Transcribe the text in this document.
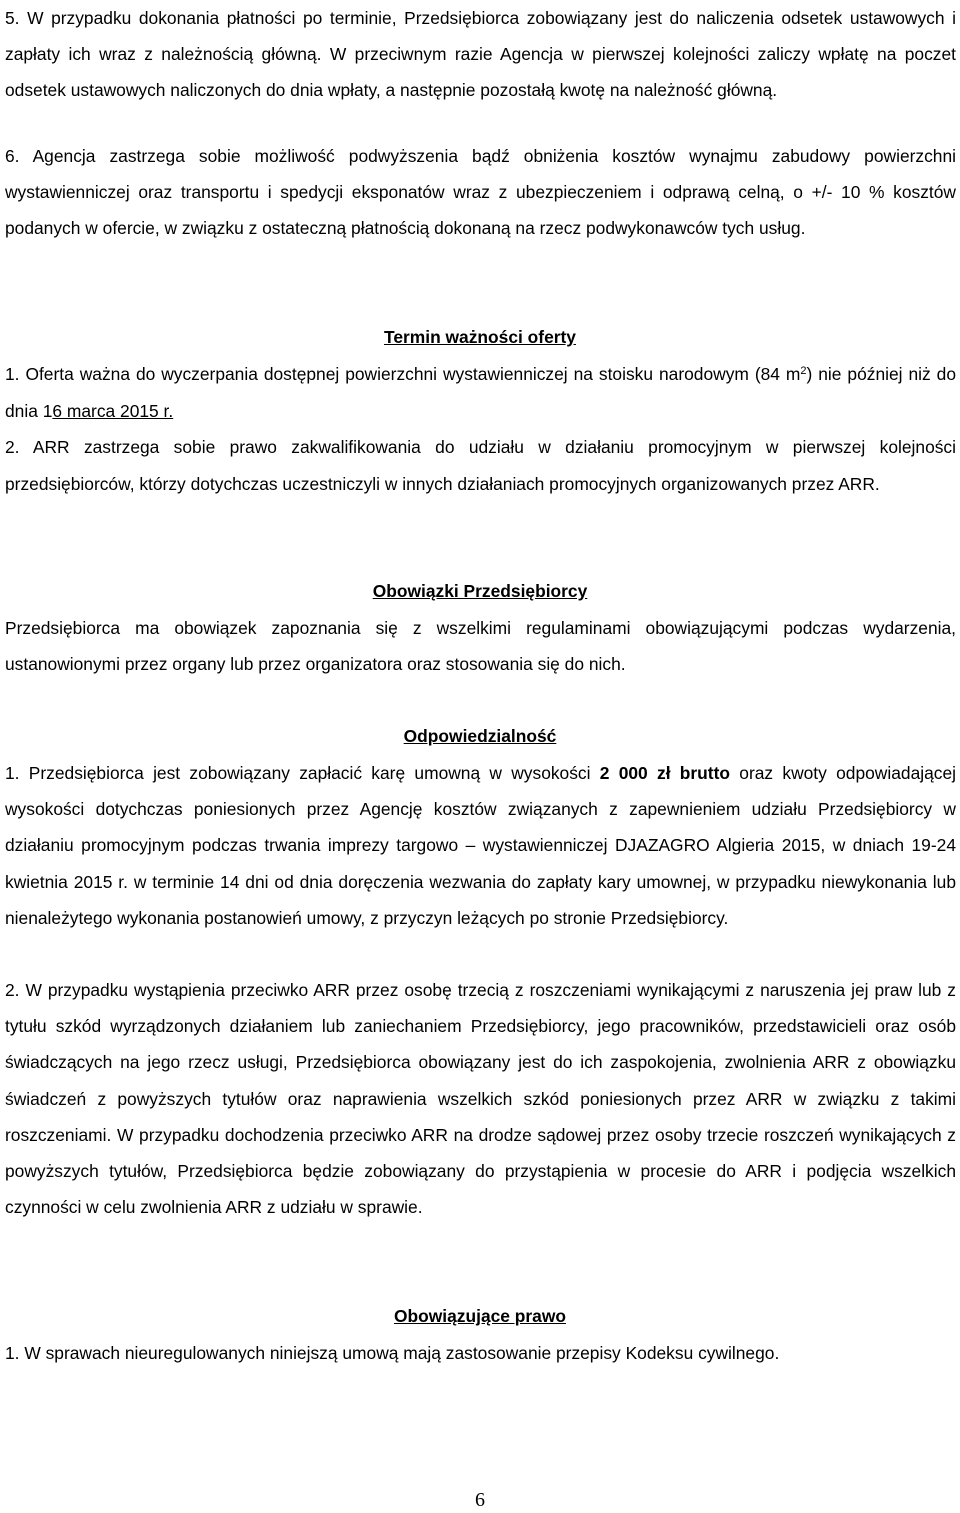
5. W przypadku dokonania płatności po terminie, Przedsiębiorca zobowiązany jest do naliczenia odsetek ustawowych i zapłaty ich wraz z należnością główną. W przeciwnym razie Agencja w pierwszej kolejności zaliczy wpłatę na poczet odsetek ustawowych naliczonych do dnia wpłaty, a następnie pozostałą kwotę na należność główną.

6. Agencja zastrzega sobie możliwość podwyższenia bądź obniżenia kosztów wynajmu zabudowy powierzchni wystawienniczej oraz transportu i spedycji eksponatów wraz z ubezpieczeniem i odprawą celną, o +/- 10 % kosztów podanych w ofercie, w związku z ostateczną płatnością dokonaną na rzecz podwykonawców tych usług.

Termin ważności oferty

1. Oferta ważna do wyczerpania dostępnej powierzchni wystawienniczej na stoisku narodowym (84 $m^2$) nie później niż do dnia 16 marca 2015 r.

2. ARR zastrzega sobie prawo zakwalifikowania do udziału w działaniu promocyjnym w pierwszej kolejności przedsiębiorców, którzy dotychczas uczestniczyli w innych działaniach promocyjnych organizowanych przez ARR.

Obowiązki Przedsiębiorcy

Przedsiębiorca ma obowiązek zapoznania się z wszelkimi regulaminami obowiązującymi podczas wydarzenia, ustanowionymi przez organy lub przez organizatora oraz stosowania się do nich.

Odpowiedzialność

1. Przedsiębiorca jest zobowiązany zapłacić karę umowną w wysokości 2 000 zł brutto oraz kwoty odpowiadającej wysokości dotychczas poniesionych przez Agencję kosztów związanych z zapewnieniem udziału Przedsiębiorcy w działaniu promocyjnym podczas trwania imprezy targowo – wystawienniczej DJAZAGRO Algieria 2015, w dniach 19-24 kwietnia 2015 r. w terminie 14 dni od dnia doręczenia wezwania do zapłaty kary umownej, w przypadku niewykonania lub nienależytego wykonania postanowień umowy, z przyczyn leżących po stronie Przedsiębiorcy.

2. W przypadku wystąpienia przeciwko ARR przez osobę trzecią z roszczeniami wynikającymi z naruszenia jej praw lub z tytułu szkód wyrządzonych działaniem lub zaniechaniem Przedsiębiorcy, jego pracowników, przedstawicieli oraz osób świadczących na jego rzecz usługi, Przedsiębiorca obowiązany jest do ich zaspokojenia, zwolnienia ARR z obowiązku świadczeń z powyższych tytułów oraz naprawienia wszelkich szkód poniesionych przez ARR w związku z takimi roszczeniami. W przypadku dochodzenia przeciwko ARR na drodze sądowej przez osoby trzecie roszczeń wynikających z powyższych tytułów, Przedsiębiorca będzie zobowiązany do przystąpienia w procesie do ARR i podjęcia wszelkich czynności w celu zwolnienia ARR z udziału w sprawie.

Obowiązujące prawo

1. W sprawach nieuregulowanych niniejszą umową mają zastosowanie przepisy Kodeksu cywilnego.

6
